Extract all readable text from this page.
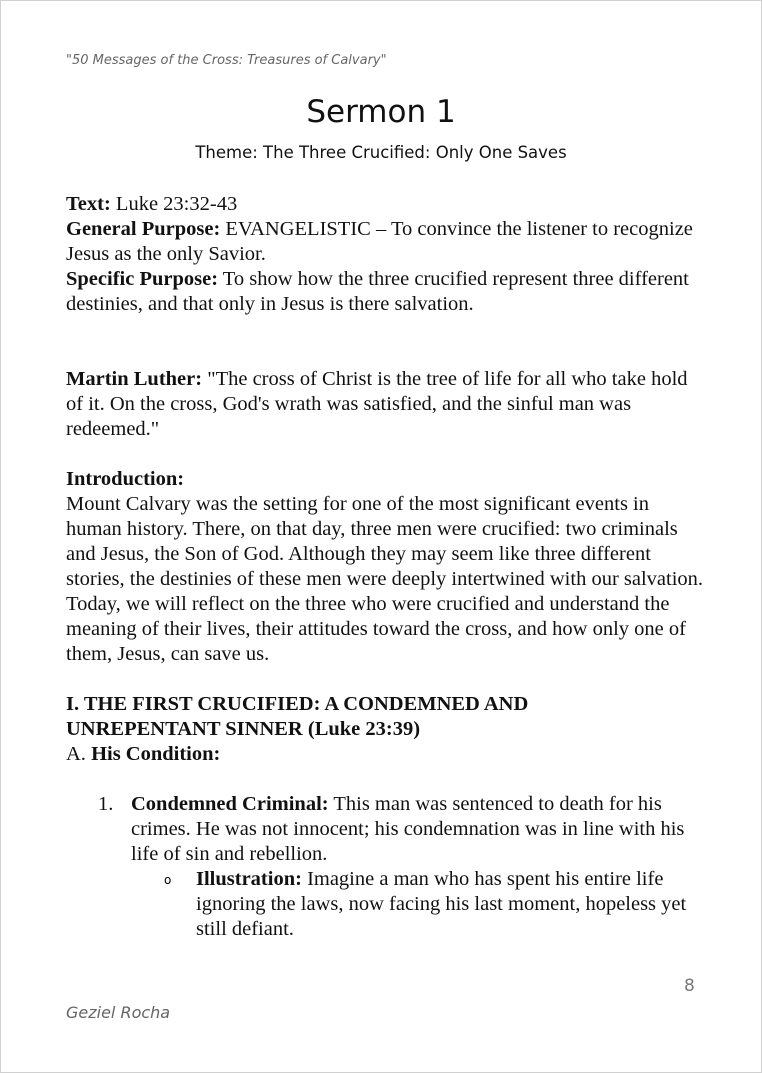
"50 Messages of the Cross: Treasures of Calvary"
Sermon 1
Theme: The Three Crucified: Only One Saves
Text: Luke 23:32-43
General Purpose: EVANGELISTIC – To convince the listener to recognize Jesus as the only Savior.
Specific Purpose: To show how the three crucified represent three different destinies, and that only in Jesus is there salvation.
Martin Luther: "The cross of Christ is the tree of life for all who take hold of it. On the cross, God's wrath was satisfied, and the sinful man was redeemed."
Introduction:
Mount Calvary was the setting for one of the most significant events in human history. There, on that day, three men were crucified: two criminals and Jesus, the Son of God. Although they may seem like three different stories, the destinies of these men were deeply intertwined with our salvation. Today, we will reflect on the three who were crucified and understand the meaning of their lives, their attitudes toward the cross, and how only one of them, Jesus, can save us.
I. THE FIRST CRUCIFIED: A CONDEMNED AND UNREPENTANT SINNER (Luke 23:39)
A. His Condition:
1. Condemned Criminal: This man was sentenced to death for his crimes. He was not innocent; his condemnation was in line with his life of sin and rebellion.
o Illustration: Imagine a man who has spent his entire life ignoring the laws, now facing his last moment, hopeless yet still defiant.
8
Geziel Rocha
